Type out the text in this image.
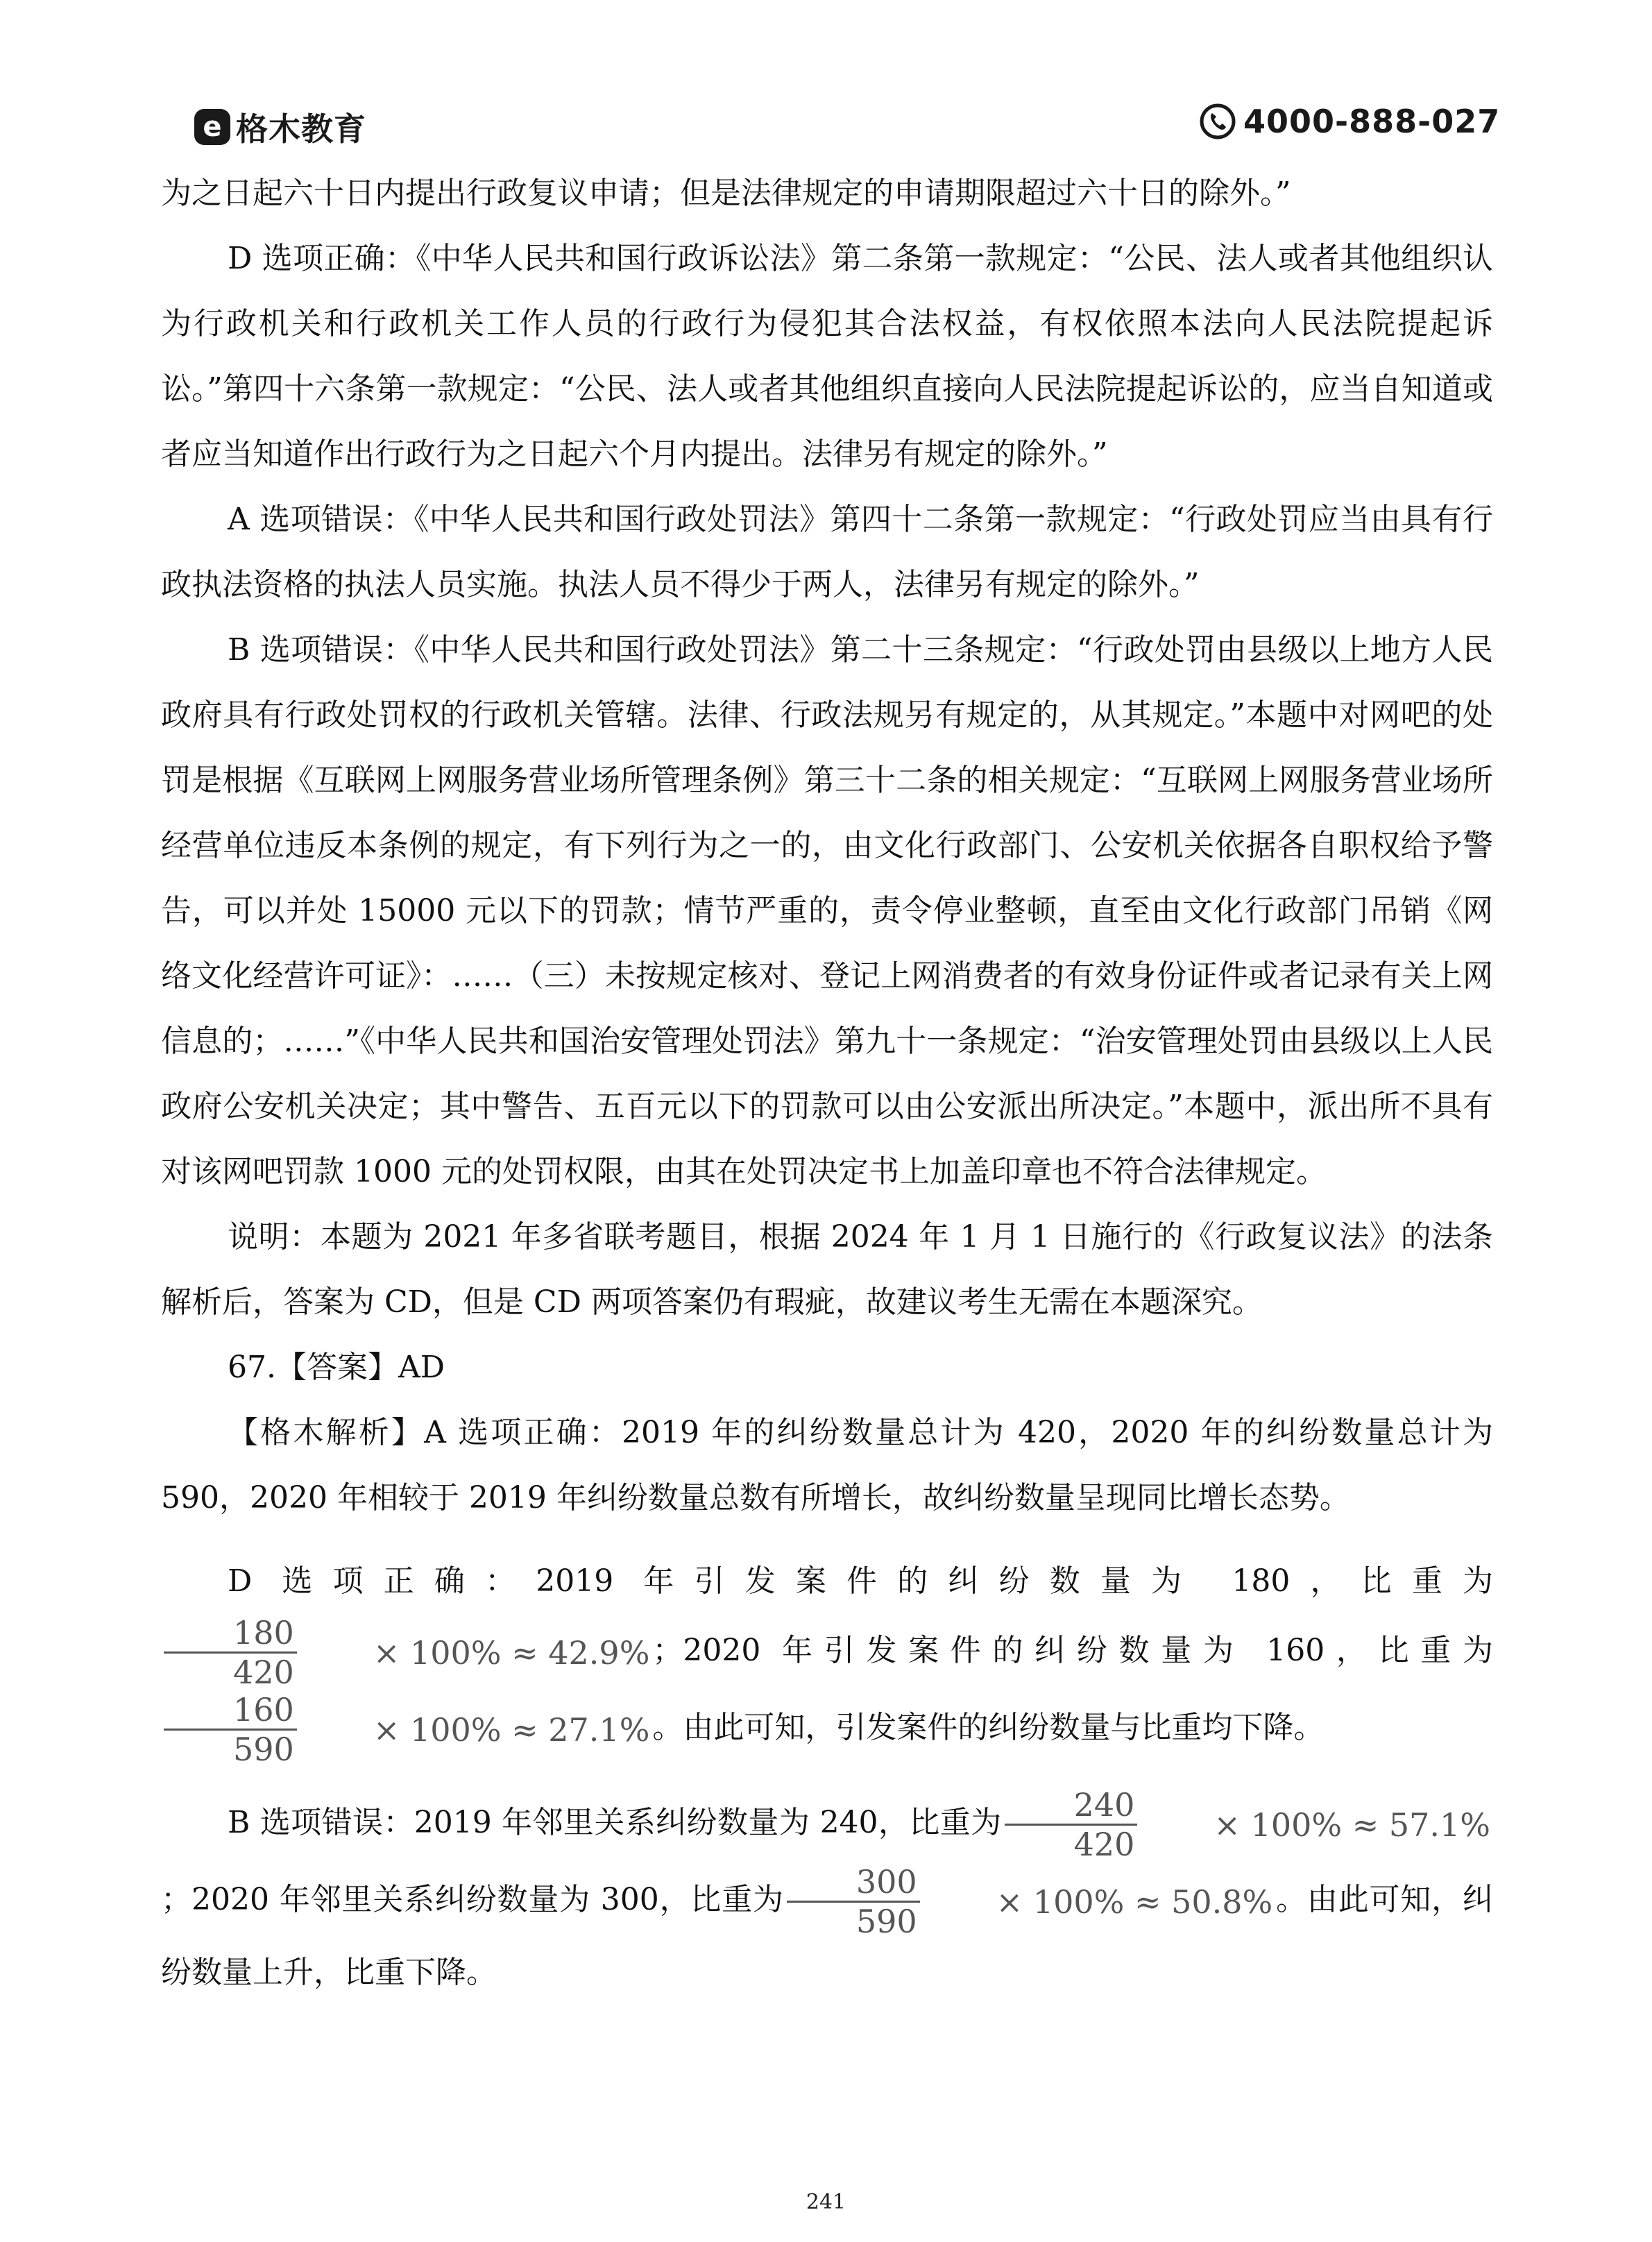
e 格木教育	4000-888-027

为之日起六十日内提出行政复议申请；但是法律规定的申请期限超过六十日的除外。”

D 选项正确：《中华人民共和国行政诉讼法》第二条第一款规定：“公民、法人或者其他组织认为行政机关和行政机关工作人员的行政行为侵犯其合法权益，有权依照本法向人民法院提起诉讼。”第四十六条第一款规定：“公民、法人或者其他组织直接向人民法院提起诉讼的，应当自知道或者应当知道作出行政行为之日起六个月内提出。法律另有规定的除外。”

A 选项错误：《中华人民共和国行政处罚法》第四十二条第一款规定：“行政处罚应当由具有行政执法资格的执法人员实施。执法人员不得少于两人，法律另有规定的除外。”

B 选项错误：《中华人民共和国行政处罚法》第二十三条规定：“行政处罚由县级以上地方人民政府具有行政处罚权的行政机关管辖。法律、行政法规另有规定的，从其规定。”本题中对网吧的处罚是根据《互联网上网服务营业场所管理条例》第三十二条的相关规定：“互联网上网服务营业场所经营单位违反本条例的规定，有下列行为之一的，由文化行政部门、公安机关依据各自职权给予警告，可以并处 15000 元以下的罚款；情节严重的，责令停业整顿，直至由文化行政部门吊销《网络文化经营许可证》：……（三）未按规定核对、登记上网消费者的有效身份证件或者记录有关上网信息的；……”《中华人民共和国治安管理处罚法》第九十一条规定：“治安管理处罚由县级以上人民政府公安机关决定；其中警告、五百元以下的罚款可以由公安派出所决定。”本题中，派出所不具有对该网吧罚款 1000 元的处罚权限，由其在处罚决定书上加盖印章也不符合法律规定。

说明：本题为 2021 年多省联考题目，根据 2024 年 1 月 1 日施行的《行政复议法》的法条解析后，答案为 CD，但是 CD 两项答案仍有瑕疵，故建议考生无需在本题深究。

67.【答案】AD

【格木解析】A 选项正确：2019 年的纠纷数量总计为 420，2020 年的纠纷数量总计为 590，2020 年相较于 2019 年纠纷数量总数有所增长，故纠纷数量呈现同比增长态势。

D 选项正确：2019 年引发案件的纠纷数量为 180，比重为
$\frac{180}{420}$	× 100% ≈ 42.9% ；2020 年引发案件的纠纷数量为 160，比重为
$\frac{160}{590}$	× 100% ≈ 27.1% 。由此可知，引发案件的纠纷数量与比重均下降。

B 选项错误：2019 年邻里关系纠纷数量为 240，比重为 $\frac{240}{420}$	× 100% ≈ 57.1%
；2020 年邻里关系纠纷数量为 300，比重为 $\frac{300}{590}$	× 100% ≈ 50.8% 。由此可知，纠纷数量上升，比重下降。

241
